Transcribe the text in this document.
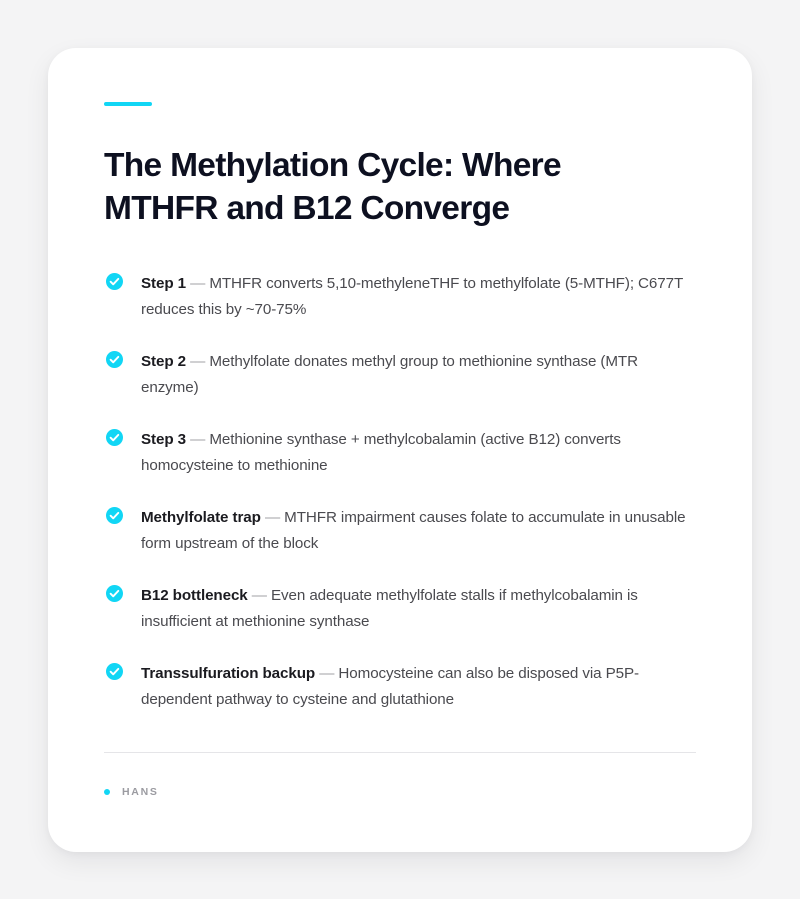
The Methylation Cycle: Where MTHFR and B12 Converge
Step 1 — MTHFR converts 5,10-methyleneTHF to methylfolate (5-MTHF); C677T reduces this by ~70-75%
Step 2 — Methylfolate donates methyl group to methionine synthase (MTR enzyme)
Step 3 — Methionine synthase + methylcobalamin (active B12) converts homocysteine to methionine
Methylfolate trap — MTHFR impairment causes folate to accumulate in unusable form upstream of the block
B12 bottleneck — Even adequate methylfolate stalls if methylcobalamin is insufficient at methionine synthase
Transsulfuration backup — Homocysteine can also be disposed via P5P-dependent pathway to cysteine and glutathione
HANS
